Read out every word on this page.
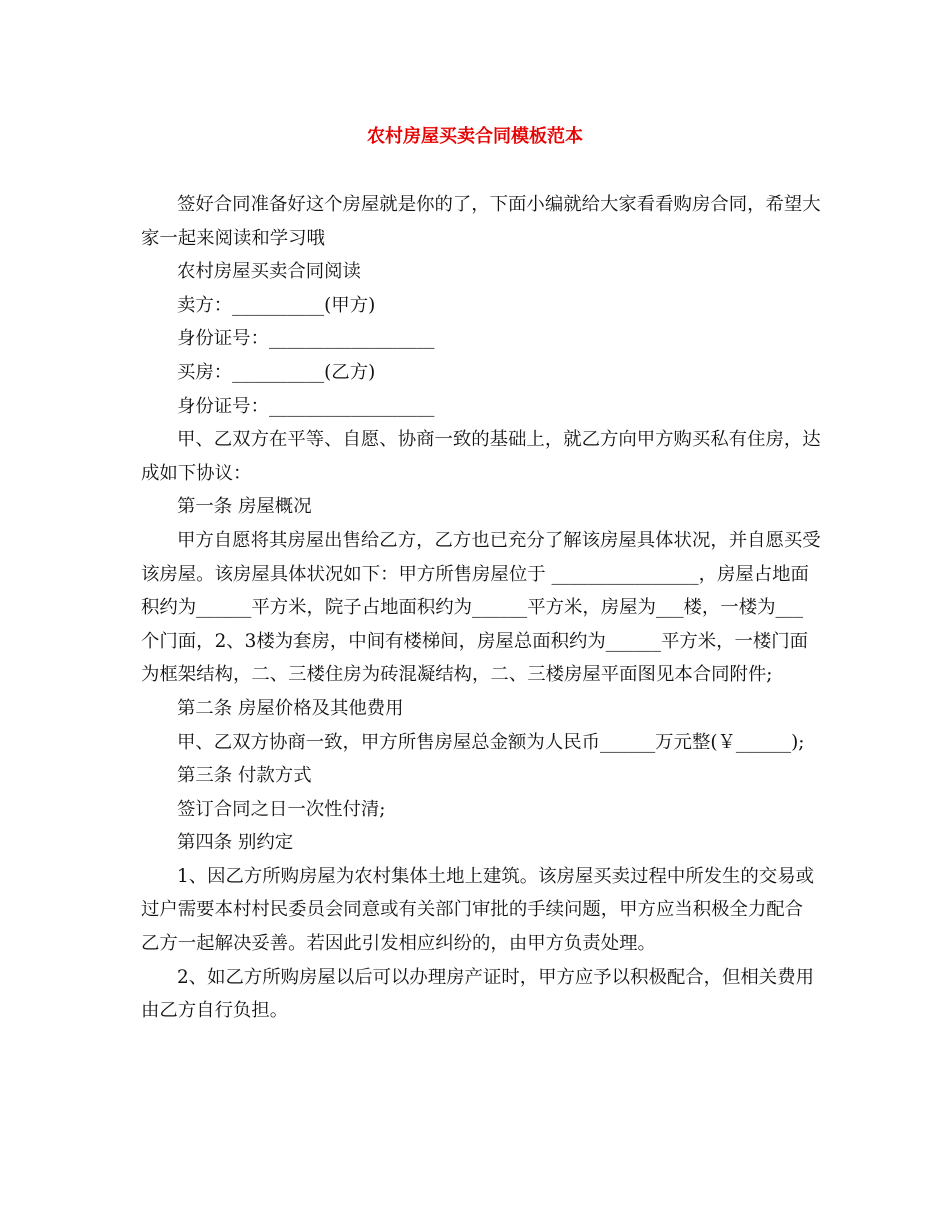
农村房屋买卖合同模板范本

签好合同准备好这个房屋就是你的了，下面小编就给大家看看购房合同，希望大家一起来阅读和学习哦

农村房屋买卖合同阅读

卖方：__________(甲方)

身份证号：__________________

买房：__________(乙方)

身份证号：__________________

甲、乙双方在平等、自愿、协商一致的基础上，就乙方向甲方购买私有住房，达成如下协议：

第一条 房屋概况

甲方自愿将其房屋出售给乙方，乙方也已充分了解该房屋具体状况，并自愿买受该房屋。该房屋具体状况如下：甲方所售房屋位于 ________________，房屋占地面积约为______平方米，院子占地面积约为______平方米，房屋为___楼，一楼为___个门面，2、3楼为套房，中间有楼梯间，房屋总面积约为______平方米，一楼门面为框架结构，二、三楼住房为砖混凝结构，二、三楼房屋平面图见本合同附件;

第二条 房屋价格及其他费用

甲、乙双方协商一致，甲方所售房屋总金额为人民币______万元整(￥______);

第三条 付款方式

签订合同之日一次性付清;

第四条 别约定

1、因乙方所购房屋为农村集体土地上建筑。该房屋买卖过程中所发生的交易或过户需要本村村民委员会同意或有关部门审批的手续问题，甲方应当积极全力配合乙方一起解决妥善。若因此引发相应纠纷的，由甲方负责处理。

2、如乙方所购房屋以后可以办理房产证时，甲方应予以积极配合，但相关费用由乙方自行负担。
